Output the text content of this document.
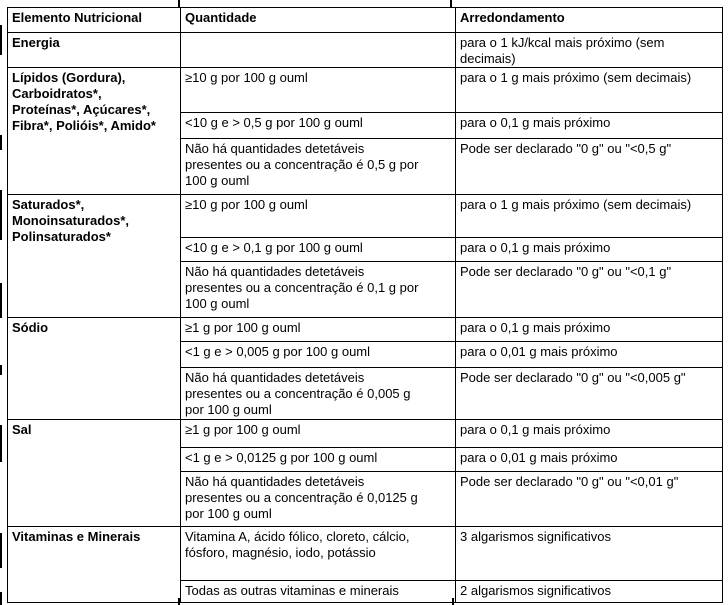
Elemento Nutricional	Quantidade	Arredondamento
Energia		para o 1 kJ/kcal mais próximo (sem
decimais)
Lípidos (Gordura),
Carboidratos*,
Proteínas*, Açúcares*,
Fibra*, Polióis*, Amido*	≥10 g por 100 g ouml	para o 1 g mais próximo (sem decimais)
	<10 g e > 0,5 g por 100 g ouml	para o 0,1 g mais próximo
	Não há quantidades detetáveis
presentes ou a concentração é 0,5 g por
100 g ouml	Pode ser declarado "0 g" ou "<0,5 g"
Saturados*,
Monoinsaturados*,
Polinsaturados*	≥10 g por 100 g ouml	para o 1 g mais próximo (sem decimais)
	<10 g e > 0,1 g por 100 g ouml	para o 0,1 g mais próximo
	Não há quantidades detetáveis
presentes ou a concentração é 0,1 g por
100 g ouml	Pode ser declarado "0 g" ou "<0,1 g"
Sódio	≥1 g por 100 g ouml	para o 0,1 g mais próximo
	<1 g e > 0,005 g por 100 g ouml	para o 0,01 g mais próximo
	Não há quantidades detetáveis
presentes ou a concentração é 0,005 g
por 100 g ouml	Pode ser declarado "0 g" ou "<0,005 g"
Sal	≥1 g por 100 g ouml	para o 0,1 g mais próximo
	<1 g e > 0,0125 g por 100 g ouml	para o 0,01 g mais próximo
	Não há quantidades detetáveis
presentes ou a concentração é 0,0125 g
por 100 g ouml	Pode ser declarado "0 g" ou "<0,01 g"
Vitaminas e Minerais	Vitamina A, ácido fólico, cloreto, cálcio,
fósforo, magnésio, iodo, potássio	3 algarismos significativos
	Todas as outras vitaminas e minerais	2 algarismos significativos
